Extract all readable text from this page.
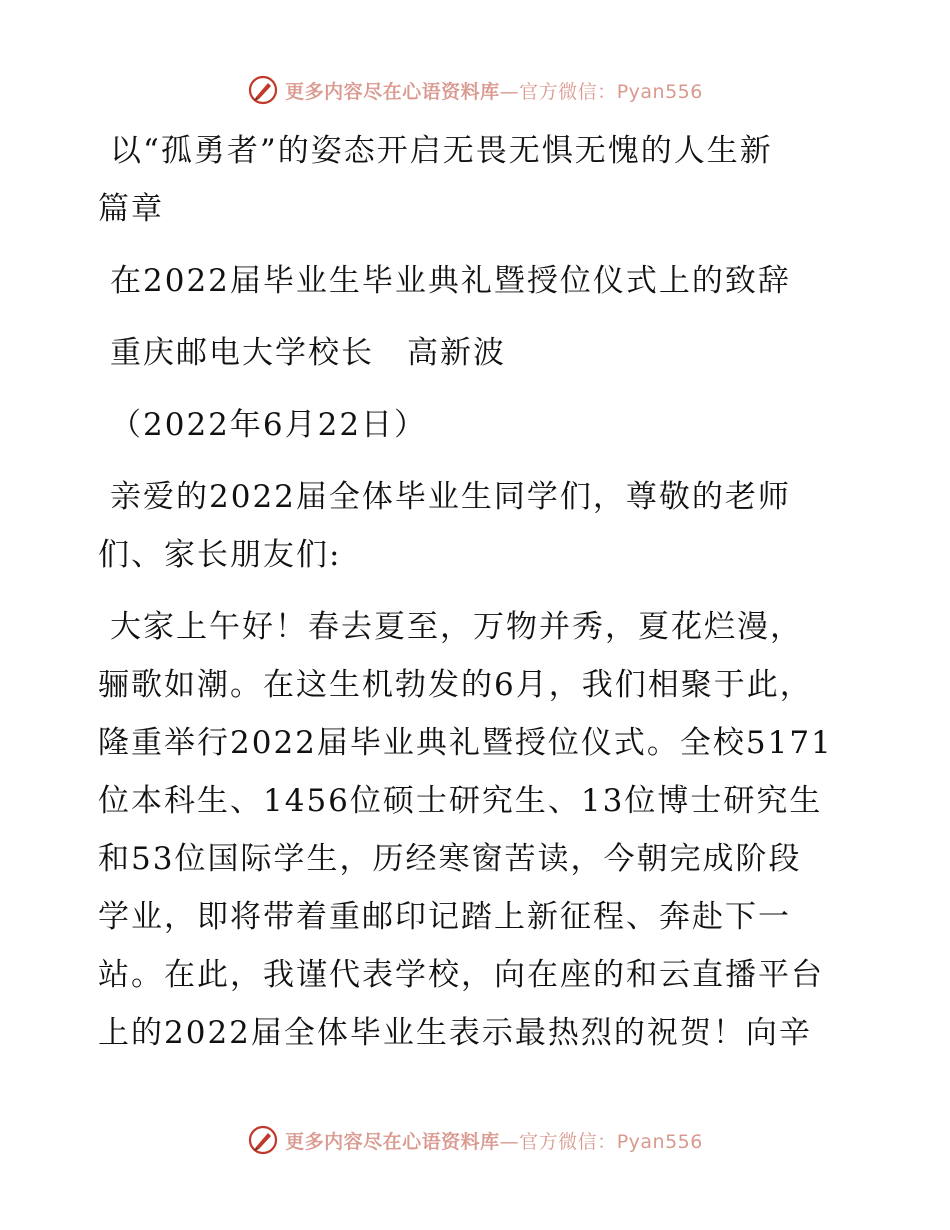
更多内容尽在心语资料库—官方微信：Pyan556
以“孤勇者”的姿态开启无畏无惧无愧的人生新
篇章
在2022届毕业生毕业典礼暨授位仪式上的致辞
重庆邮电大学校长　高新波
（2022年6月22日）
亲爱的2022届全体毕业生同学们，尊敬的老师
们、家长朋友们:
大家上午好！春去夏至，万物并秀，夏花烂漫，
骊歌如潮。在这生机勃发的6月，我们相聚于此，
隆重举行2022届毕业典礼暨授位仪式。全校5171
位本科生、1456位硕士研究生、13位博士研究生
和53位国际学生，历经寒窗苦读，今朝完成阶段
学业，即将带着重邮印记踏上新征程、奔赴下一
站。在此，我谨代表学校，向在座的和云直播平台
上的2022届全体毕业生表示最热烈的祝贺！向辛
更多内容尽在心语资料库—官方微信：Pyan556
